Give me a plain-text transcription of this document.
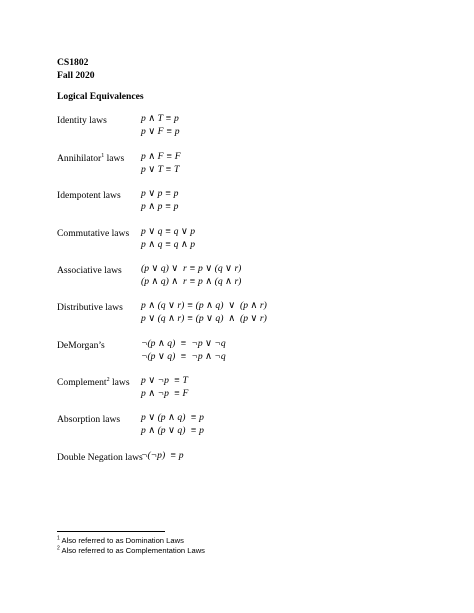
CS1802
Fall 2020
Logical Equivalences
Identity laws	p ∧ T ≡ p
p ∨ F ≡ p
Annihilator$^1$ laws p ∧ F ≡ F
p ∨ T ≡ T
Idempotent laws p ∨ p ≡ p
p ∧ p ≡ p
Commutative laws p ∨ q ≡ q ∨ p
p ∧ q ≡ q ∧ p
Associative laws (p ∨ q) ∨  r ≡ p ∨ (q ∨ r)
(p ∧ q) ∧  r ≡ p ∧ (q ∧ r)
Distributive laws p ∧ (q ∨ r) ≡ (p ∧ q)  ∨  (p ∧ r)
p ∨ (q ∧ r) ≡ (p ∨ q)  ∧  (p ∨ r)
DeMorgan’s	¬(p ∧ q)  ≡  ¬p ∨ ¬q
¬(p ∨ q)  ≡  ¬p ∧ ¬q
Complement$^2$ laws p ∨ ¬p  ≡ T
p ∧ ¬p  ≡ F
Absorption laws p ∨ (p ∧ q)  ≡ p
p ∧ (p ∨ q)  ≡ p
Double Negation laws
¬(¬p)  ≡ p
$^1$ Also referred to as Domination Laws
$^2$ Also referred to as Complementation Laws
